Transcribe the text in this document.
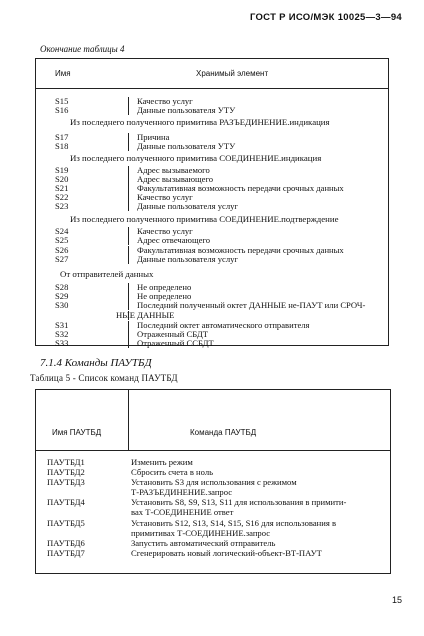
ГОСТ Р ИСО/МЭК 10025—3—94
Окончание таблицы 4
Имя	Хранимый элемент
S15	Качество услуг
S16	Данные пользователя УТУ
Из последнего полученного примитива РАЗЪЕДИНЕНИЕ.индикация
S17	Причина
S18	Данные пользователя УТУ
Из последнего полученного примитива СОЕДИНЕНИЕ.индикация
S19	Адрес вызываемого
S20	Адрес вызывающего
S21	Факультативная возможность передачи срочных данных
S22	Качество услуг
S23	Данные пользователя услуг
Из последнего полученного примитива СОЕДИНЕНИЕ.подтверждение
S24	Качество услуг
S25	Адрес отвечающего
S26	Факультативная возможность передачи срочных данных
S27	Данные пользователя услуг
От отправителей данных
S28	Не определено
S29	Не определено
S30	Последний полученный октет ДАННЫЕ не-ПАУТ или СРОЧ-
НЫЕ ДАННЫЕ
S31	Последний октет автоматического отправителя
S32	Отраженный СБДТ
S33	Отраженный ССБДТ
7.1.4 Команды ПАУТБД
Таблица 5 - Список команд ПАУТБД
Имя ПАУТБД	Команда ПАУТБД
ПАУТБД1	Изменить режим
ПАУТБД2	Сбросить счета в ноль
ПАУТБД3	Установить S3 для использования с режимом
Т-РАЗЪЕДИНЕНИЕ.запрос
ПАУТБД4	Установить S8, S9, S13, S11 для использования в примити-
вах Т-СОЕДИНЕНИЕ ответ
ПАУТБД5	Установить S12, S13, S14, S15, S16 для использования в
примитивах Т-СОЕДИНЕНИЕ.запрос
ПАУТБД6	Запустить автоматический отправитель
ПАУТБД7	Сгенерировать новый логический-объект-ВТ-ПАУТ
15
